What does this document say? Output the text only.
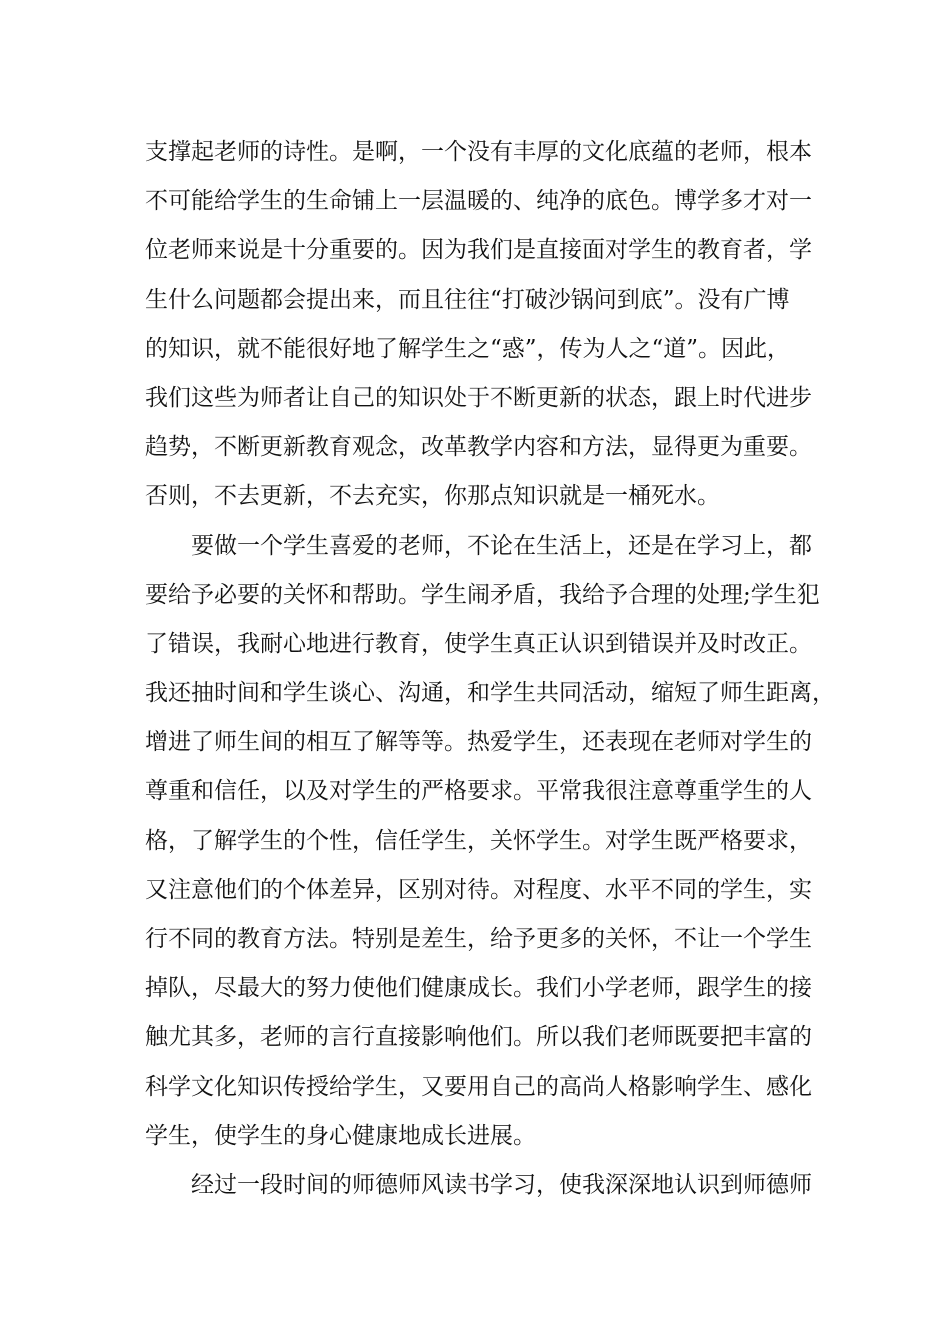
支撑起老师的诗性。是啊，一个没有丰厚的文化底蕴的老师，根本
不可能给学生的生命铺上一层温暖的、纯净的底色。博学多才对一
位老师来说是十分重要的。因为我们是直接面对学生的教育者，学
生什么问题都会提出来，而且往往“打破沙锅问到底”。没有广博
的知识，就不能很好地了解学生之“惑”，传为人之“道”。因此，
我们这些为师者让自己的知识处于不断更新的状态，跟上时代进步
趋势，不断更新教育观念，改革教学内容和方法，显得更为重要。
否则，不去更新，不去充实，你那点知识就是一桶死水。
要做一个学生喜爱的老师，不论在生活上，还是在学习上，都
要给予必要的关怀和帮助。学生闹矛盾，我给予合理的处理;学生犯
了错误，我耐心地进行教育，使学生真正认识到错误并及时改正。
我还抽时间和学生谈心、沟通，和学生共同活动，缩短了师生距离，
增进了师生间的相互了解等等。热爱学生，还表现在老师对学生的
尊重和信任，以及对学生的严格要求。平常我很注意尊重学生的人
格，了解学生的个性，信任学生，关怀学生。对学生既严格要求，
又注意他们的个体差异，区别对待。对程度、水平不同的学生，实
行不同的教育方法。特别是差生，给予更多的关怀，不让一个学生
掉队，尽最大的努力使他们健康成长。我们小学老师，跟学生的接
触尤其多，老师的言行直接影响他们。所以我们老师既要把丰富的
科学文化知识传授给学生，又要用自己的高尚人格影响学生、感化
学生，使学生的身心健康地成长进展。
经过一段时间的师德师风读书学习，使我深深地认识到师德师
